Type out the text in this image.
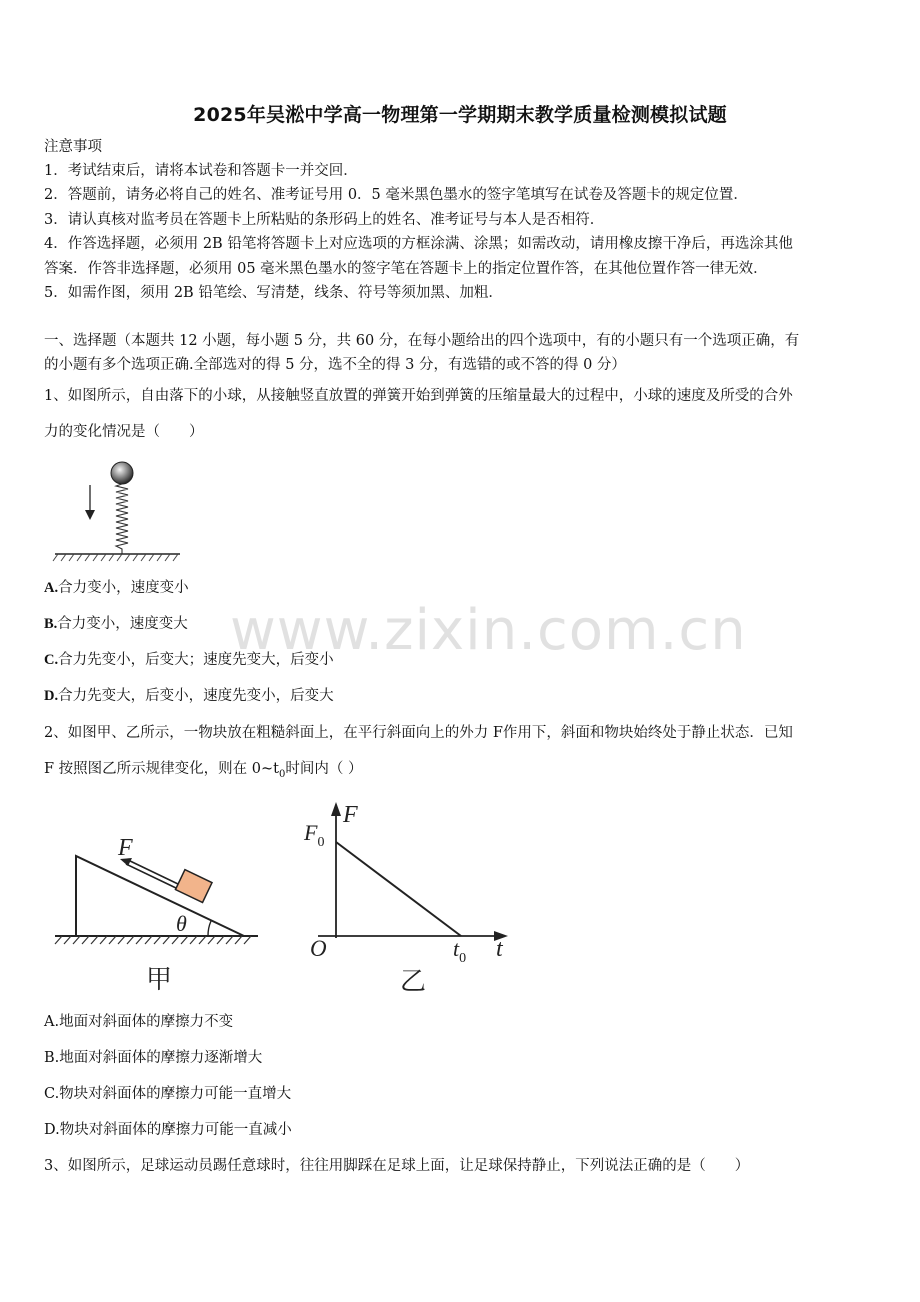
2025年吴淞中学高一物理第一学期期末教学质量检测模拟试题
注意事项
1．考试结束后，请将本试卷和答题卡一并交回．
2．答题前，请务必将自己的姓名、准考证号用 0．5 毫米黑色墨水的签字笔填写在试卷及答题卡的规定位置．
3．请认真核对监考员在答题卡上所粘贴的条形码上的姓名、准考证号与本人是否相符．
4．作答选择题，必须用 2B 铅笔将答题卡上对应选项的方框涂满、涂黑；如需改动，请用橡皮擦干净后，再选涂其他
答案．作答非选择题，必须用 05 毫米黑色墨水的签字笔在答题卡上的指定位置作答，在其他位置作答一律无效．
5．如需作图，须用 2B 铅笔绘、写清楚，线条、符号等须加黑、加粗．
一、选择题（本题共 12 小题，每小题 5 分，共 60 分，在每小题给出的四个选项中，有的小题只有一个选项正确，有
的小题有多个选项正确.全部选对的得 5 分，选不全的得 3 分，有选错的或不答的得 0 分）
1、如图所示，自由落下的小球，从接触竖直放置的弹簧开始到弹簧的压缩量最大的过程中，小球的速度及所受的合外
力的变化情况是（　　）
A.合力变小，速度变小
B.合力变小，速度变大
C.合力先变小，后变大；速度先变大，后变小
D.合力先变大，后变小，速度先变小，后变大
www.zixin.com.cn
2、如图甲、乙所示，一物块放在粗糙斜面上，在平行斜面向上的外力 F作用下，斜面和物块始终处于静止状态．已知
F 按照图乙所示规律变化，则在 $0\sim t_0$时间内（ ）
F
θ
甲
F
$F_0$
O	$t_0$ t
乙
A.地面对斜面体的摩擦力不变
B.地面对斜面体的摩擦力逐渐增大
C.物块对斜面体的摩擦力可能一直增大
D.物块对斜面体的摩擦力可能一直减小
3、如图所示，足球运动员踢任意球时，往往用脚踩在足球上面，让足球保持静止，下列说法正确的是（　　）
